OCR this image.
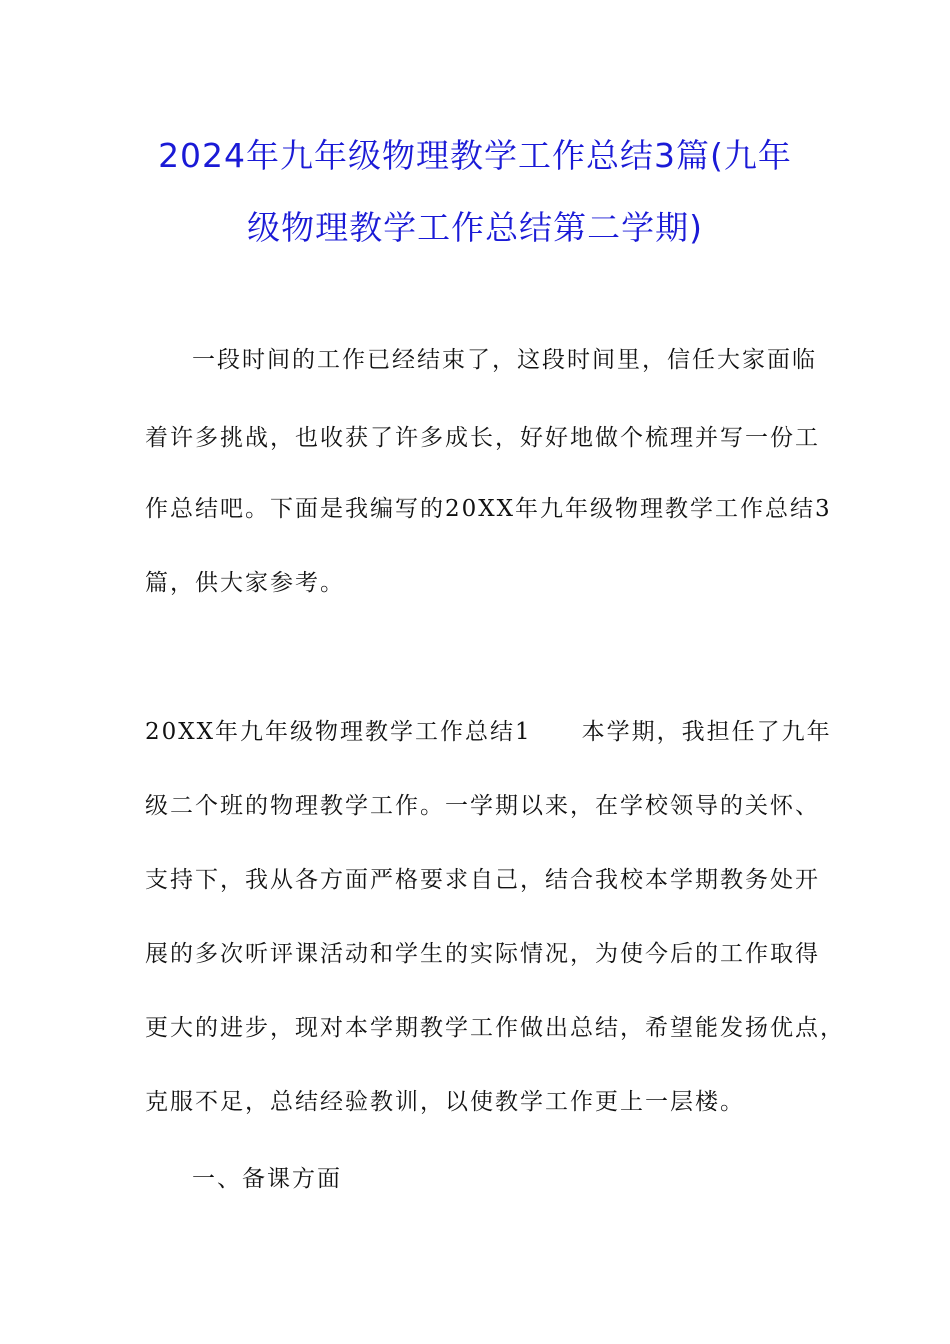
2024年九年级物理教学工作总结3篇(九年
级物理教学工作总结第二学期)
一段时间的工作已经结束了，这段时间里，信任大家面临
着许多挑战，也收获了许多成长，好好地做个梳理并写一份工
作总结吧。下面是我编写的20XX年九年级物理教学工作总结3
篇，供大家参考。
20XX年九年级物理教学工作总结1　　本学期，我担任了九年
级二个班的物理教学工作。一学期以来，在学校领导的关怀、
支持下，我从各方面严格要求自己，结合我校本学期教务处开
展的多次听评课活动和学生的实际情况，为使今后的工作取得
更大的进步，现对本学期教学工作做出总结，希望能发扬优点，
克服不足，总结经验教训，以使教学工作更上一层楼。
一、备课方面
